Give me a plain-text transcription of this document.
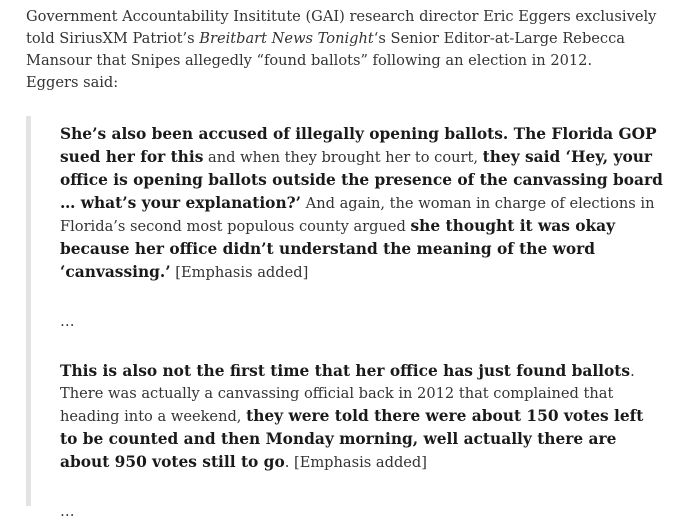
Government Accountability Insititute (GAI) research director Eric Eggers exclusively told SiriusXM Patriot’s Breitbart News Tonight‘s Senior Editor-at-Large Rebecca Mansour that Snipes allegedly “found ballots” following an election in 2012.

Eggers said:

She’s also been accused of illegally opening ballots. The Florida GOP sued her for this and when they brought her to court, they said ‘Hey, your office is opening ballots outside the presence of the canvassing board … what’s your explanation?’ And again, the woman in charge of elections in Florida’s second most populous county argued she thought it was okay because her office didn’t understand the meaning of the word ‘canvassing.’ [Emphasis added]

…

This is also not the first time that her office has just found ballots. There was actually a canvassing official back in 2012 that complained that heading into a weekend, they were told there were about 150 votes left to be counted and then Monday morning, well actually there are about 950 votes still to go. [Emphasis added]

…
